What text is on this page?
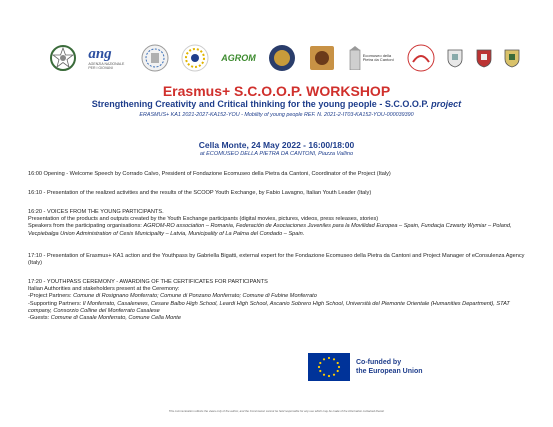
ang
AGENZIA NAZIONALE PER I GIOVANI
AGROM	Ecomuseo della Pietra da Cantoni
Erasmus+ S.C.O.O.P. WORKSHOP
Strengthening Creativity and Critical thinking for the young people - S.C.O.O.P. project
ERASMUS+ KA1 2021-2027-KA152-YOU - Mobility of young people REF. N. 2021-2-IT03-KA152-YOU-000039390
Cella Monte, 24 May 2022 - 16:00/18:00
at ECOMUSEO DELLA PIETRA DA CANTONI, Piazza Vallino

16:00 Opening - Welcome Speech by Corrado Calvo, President of Fondazione Ecomuseo della Pietra da Cantoni, Coordinator of the Project (Italy)

16:10 - Presentation of the realized activities and the results of the SCOOP Youth Exchange, by Fabio Lavagno, Italian Youth Leader (Italy)

16:20 - VOICES FROM THE YOUNG PARTICIPANTS.

Presentation of the products and outputs created by the Youth Exchange participants (digital movies, pictures, videos, press releases, stories)

Speakers from the participating organisations: AGROM-RO association – Romania, Federación de Asociaciones Juveniles para la Movilidad Europea – Spain, Fundacja Czwarty Wymiar – Poland, Vecpiebalga Union Administration of Cesis Municipality – Latvia, Municipality of La Palma del Condado – Spain.

17:10 - Presentation of Erasmus+ KA1 action and the Youthpass by Gabriella Bigatti, external expert for the Fondazione Ecomuseo della Pietra da Cantoni and Project Manager of eConsulenza Agency (Italy)

17:20 - YOUTHPASS CEREMONY - AWARDING OF THE CERTIFICATES FOR PARTICIPANTS

Italian Authorities and stakeholders present at the Ceremony:

-Project Partners: Comune di Rosignano Monferrato; Comune di Ponzano Monferrato; Comune di Fubine Monferrato

-Supporting Partners: Il Monferrato, Casalenews, Cesare Balbo High School, Leardi High School, Ascanio Sobrero High School, Università del Piemonte Orientale (Humanities Department), STAT company, Consorzio Colline del Monferrato Casalese

-Guests: Comune di Casale Monferrato, Comune Cella Monte

Co-funded by
the European Union
This communication reflects the views only of the author, and the Commission cannot be held responsible for any use which may be made of the information contained therein
